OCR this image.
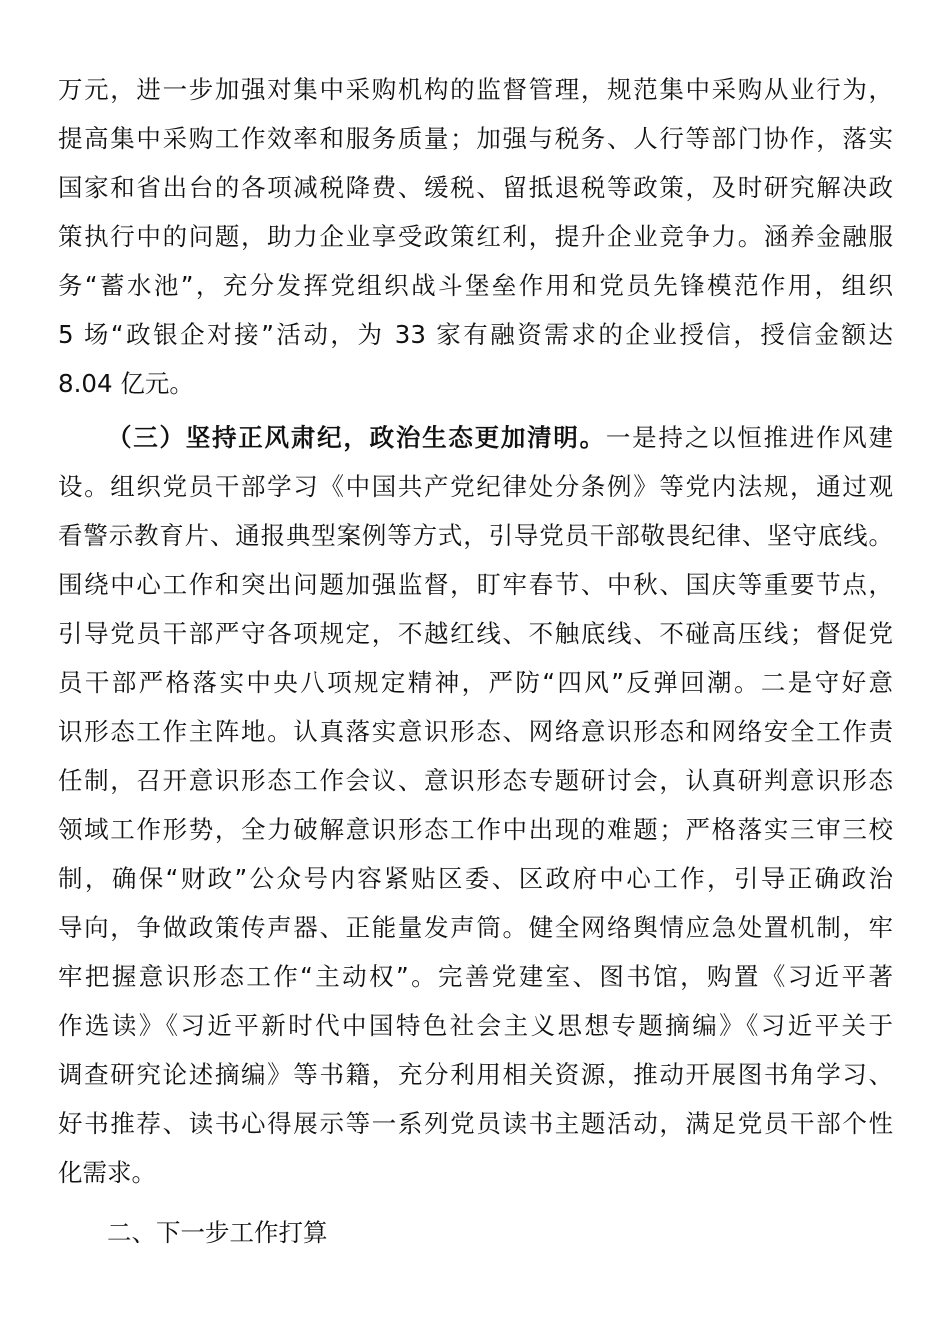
万元，进一步加强对集中采购机构的监督管理，规范集中采购从业行为，
提高集中采购工作效率和服务质量；加强与税务、人行等部门协作，落实
国家和省出台的各项减税降费、缓税、留抵退税等政策，及时研究解决政
策执行中的问题，助力企业享受政策红利，提升企业竞争力。涵养金融服
务“蓄水池”，充分发挥党组织战斗堡垒作用和党员先锋模范作用，组织
5 场“政银企对接”活动，为 33 家有融资需求的企业授信，授信金额达
8.04 亿元。
（三）坚持正风肃纪，政治生态更加清明。一是持之以恒推进作风建
设。组织党员干部学习《中国共产党纪律处分条例》等党内法规，通过观
看警示教育片、通报典型案例等方式，引导党员干部敬畏纪律、坚守底线。
围绕中心工作和突出问题加强监督，盯牢春节、中秋、国庆等重要节点，
引导党员干部严守各项规定，不越红线、不触底线、不碰高压线；督促党
员干部严格落实中央八项规定精神，严防“四风”反弹回潮。二是守好意
识形态工作主阵地。认真落实意识形态、网络意识形态和网络安全工作责
任制，召开意识形态工作会议、意识形态专题研讨会，认真研判意识形态
领域工作形势，全力破解意识形态工作中出现的难题；严格落实三审三校
制，确保“财政”公众号内容紧贴区委、区政府中心工作，引导正确政治
导向，争做政策传声器、正能量发声筒。健全网络舆情应急处置机制，牢
牢把握意识形态工作“主动权”。完善党建室、图书馆，购置《习近平著
作选读》《习近平新时代中国特色社会主义思想专题摘编》《习近平关于
调查研究论述摘编》等书籍，充分利用相关资源，推动开展图书角学习、
好书推荐、读书心得展示等一系列党员读书主题活动，满足党员干部个性
化需求。
二、下一步工作打算
